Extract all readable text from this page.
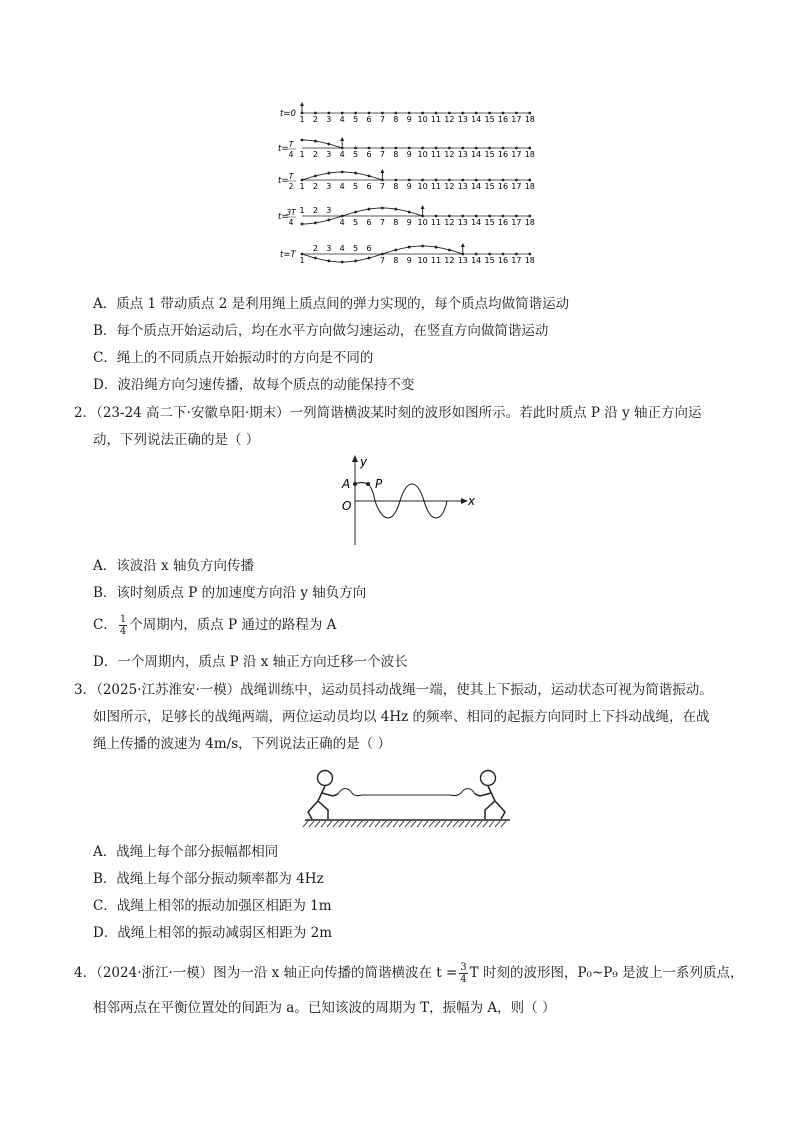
t=0
1 2 3 4 5 6 7 8 9 10 11 12 13 14 15 16 17 18
t= T
4 1 2 3 4 5 6 7 8 9 10 11 12 13 14 15 16 17 18
t= T
2 1 2 3 4 5 6 7 8 9 10 11 12 13 14 15 16 17 18
t=
3T
4
1 2 3
4 5 6 7 8 9 10 11 12 13 14 15 16 17 18
t=T
1
2 3 4 5 6
7 8 9 10 11 12 13 14 15 16 17 18
A．质点 1 带动质点 2 是利用绳上质点间的弹力实现的，每个质点均做简谐运动
B．每个质点开始运动后，均在水平方向做匀速运动，在竖直方向做简谐运动
C．绳上的不同质点开始振动时的方向是不同的
D．波沿绳方向匀速传播，故每个质点的动能保持不变
2．（23-24 高二下·安徽阜阳·期末）一列简谐横波某时刻的波形如图所示。若此时质点 P 沿 y 轴正方向运
动，下列说法正确的是（ ）
y
x
O
A P
A．该波沿 x 轴负方向传播
B．该时刻质点 P 的加速度方向沿 y 轴负方向
C． $\frac{1}{4}$ 个周期内，质点 P 通过的路程为 A
D．一个周期内，质点 P 沿 x 轴正方向迁移一个波长
3．（2025·江苏淮安·一模）战绳训练中，运动员抖动战绳一端，使其上下振动，运动状态可视为简谐振动。
如图所示，足够长的战绳两端，两位运动员均以 4Hz 的频率、相同的起振方向同时上下抖动战绳，在战
绳上传播的波速为 4m/s，下列说法正确的是（ ）
A．战绳上每个部分振幅都相同
B．战绳上每个部分振动频率都为 4Hz
C．战绳上相邻的振动加强区相距为 1m
D．战绳上相邻的振动减弱区相距为 2m
4．（2024·浙江·一模）图为一沿 x 轴正向传播的简谐横波在 $t = \frac{3}{4}$ T 时刻的波形图，P₀~P₉ 是波上一系列质点，
相邻两点在平衡位置处的间距为 a。已知该波的周期为 T，振幅为 A，则（ ）
